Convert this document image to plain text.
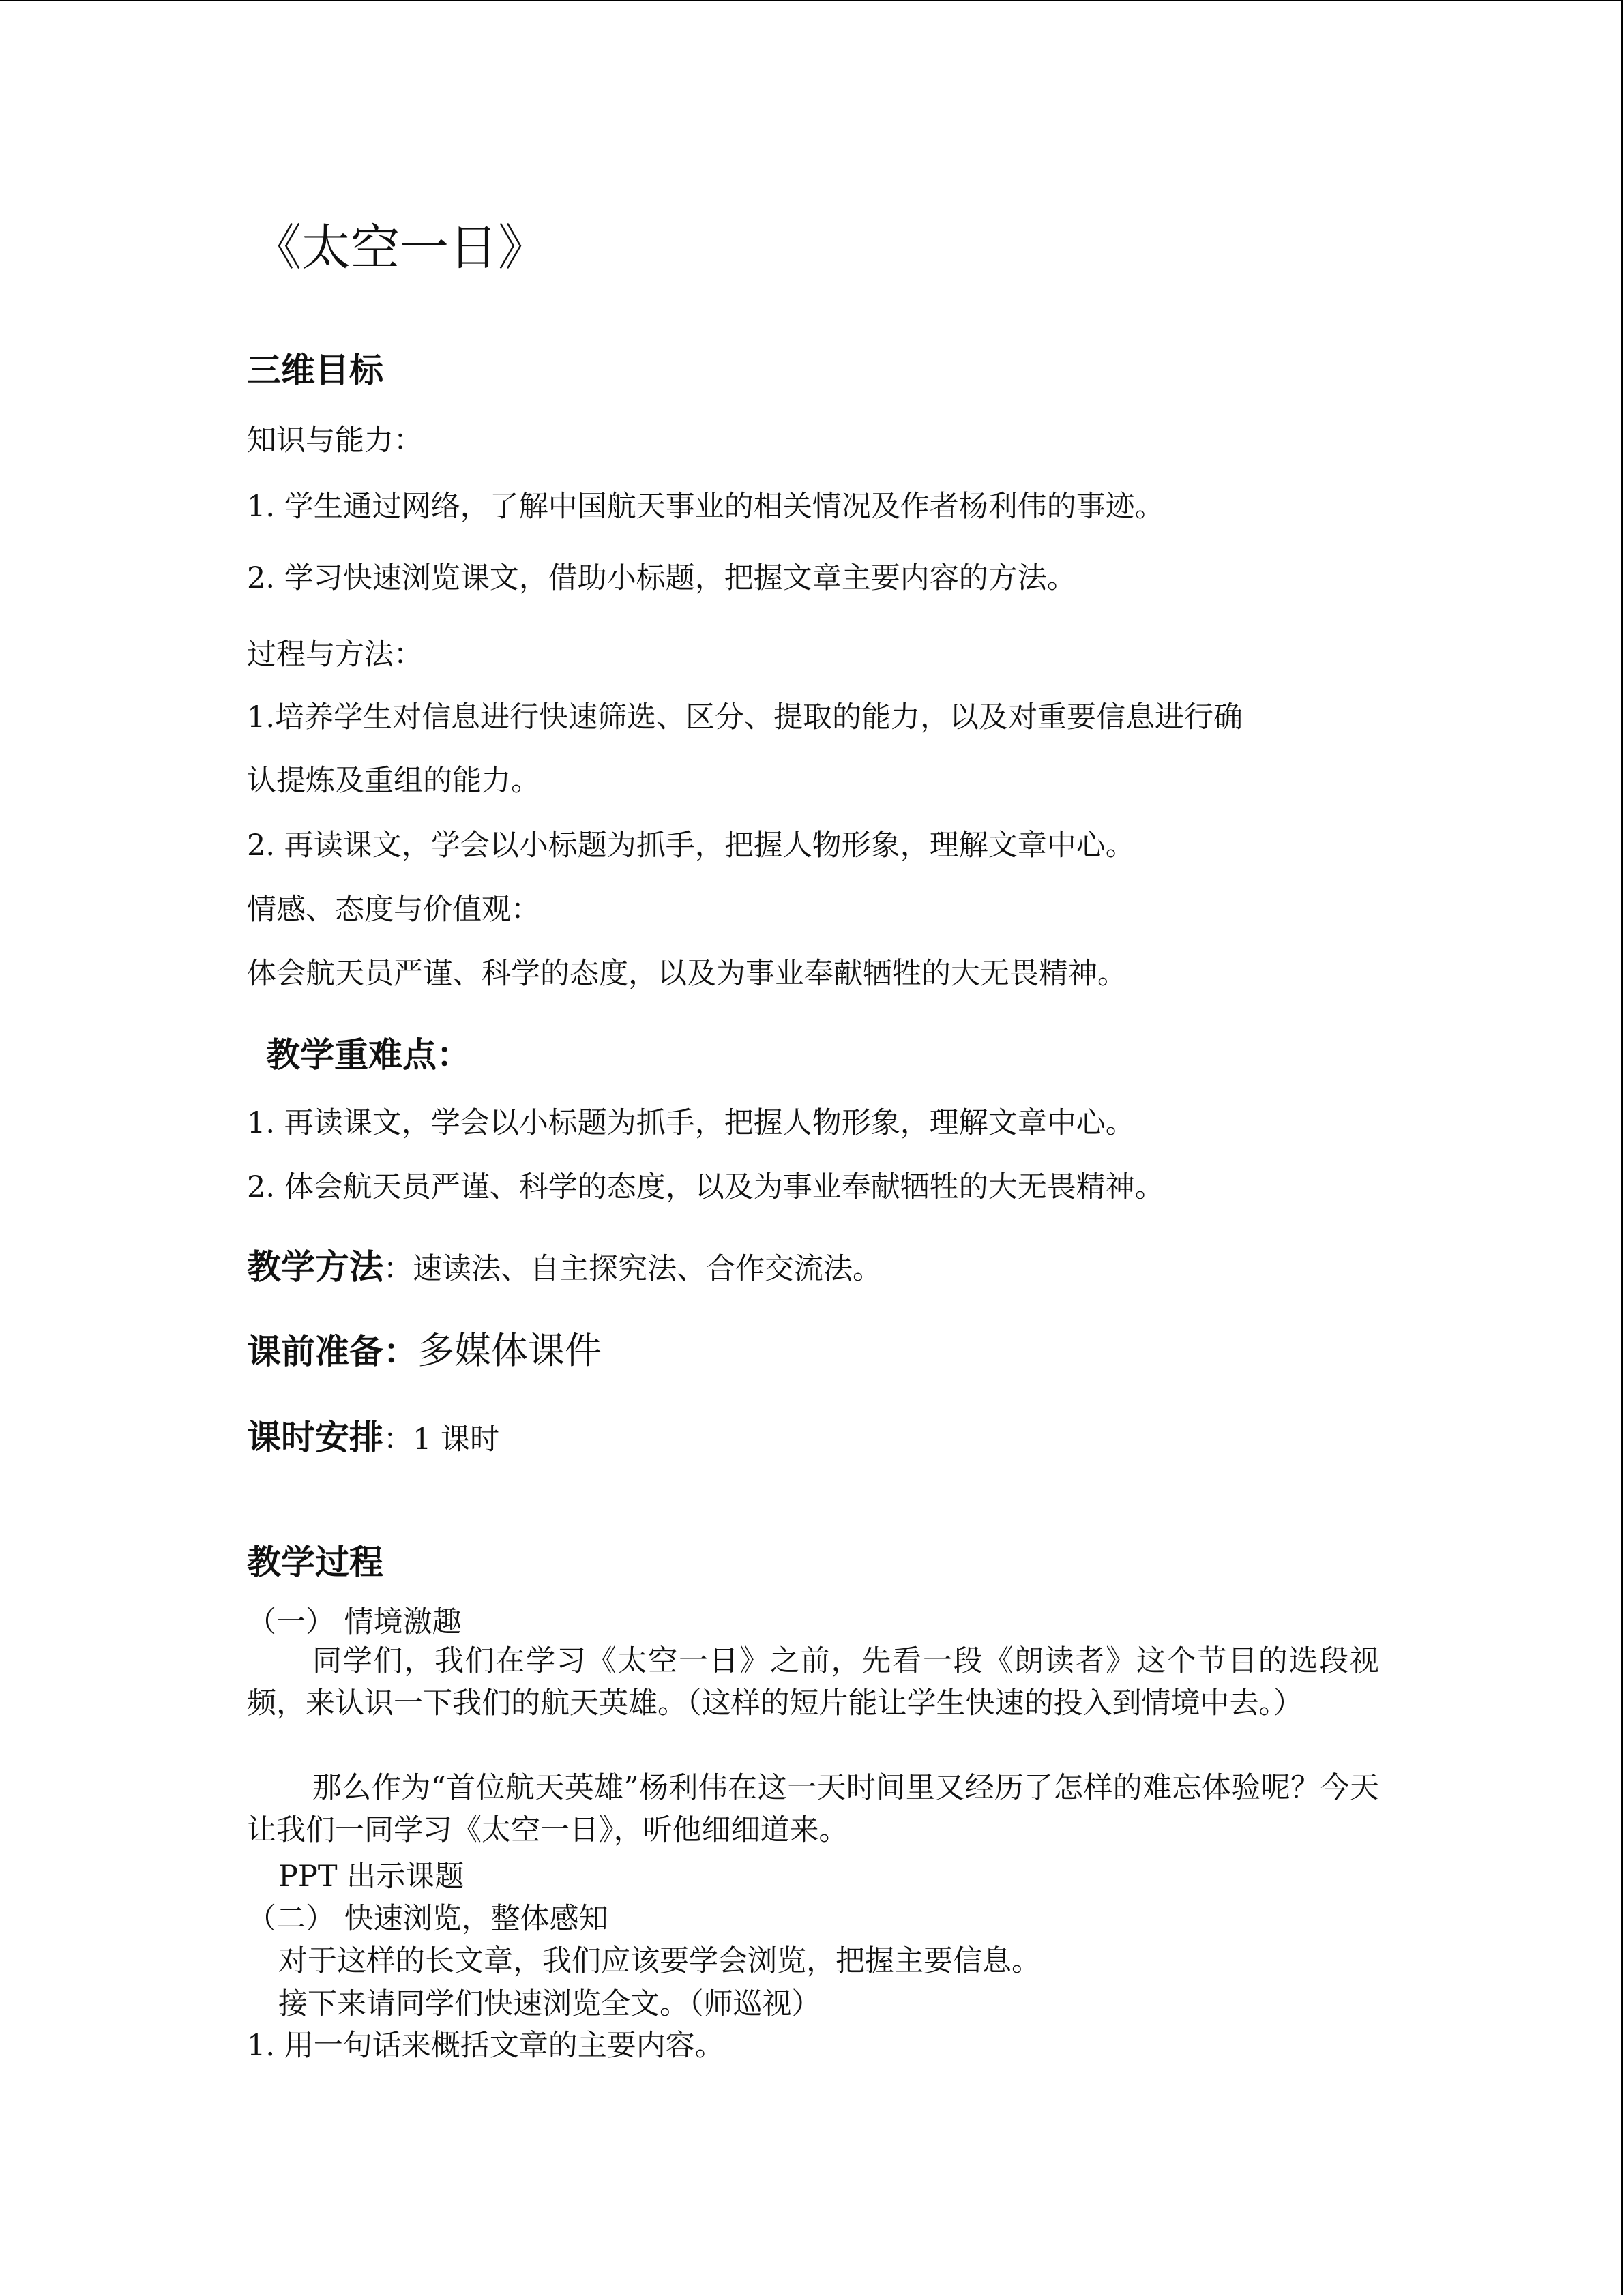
《太空一日》
三维目标
知识与能力：
1. 学生通过网络，了解中国航天事业的相关情况及作者杨利伟的事迹。
2. 学习快速浏览课文，借助小标题，把握文章主要内容的方法。
过程与方法：
1.培养学生对信息进行快速筛选、区分、提取的能力，以及对重要信息进行确
认提炼及重组的能力。
2. 再读课文，学会以小标题为抓手，把握人物形象，理解文章中心。
情感、态度与价值观：
体会航天员严谨、科学的态度，以及为事业奉献牺牲的大无畏精神。
教学重难点：
1. 再读课文，学会以小标题为抓手，把握人物形象，理解文章中心。
2. 体会航天员严谨、科学的态度，以及为事业奉献牺牲的大无畏精神。
教学方法：速读法、自主探究法、合作交流法。
课前准备：多媒体课件
课时安排：1 课时
教学过程
（一） 情境激趣
同学们，我们在学习《太空一日》之前，先看一段《朗读者》这个节目的选段视频，来认识一下我们的航天英雄。（这样的短片能让学生快速的投入到情境中去。）
那么作为“首位航天英雄”杨利伟在这一天时间里又经历了怎样的难忘体验呢？今天让我们一同学习《太空一日》，听他细细道来。
PPT 出示课题
（二） 快速浏览，整体感知
对于这样的长文章，我们应该要学会浏览，把握主要信息。
接下来请同学们快速浏览全文。（师巡视）
1. 用一句话来概括文章的主要内容。
